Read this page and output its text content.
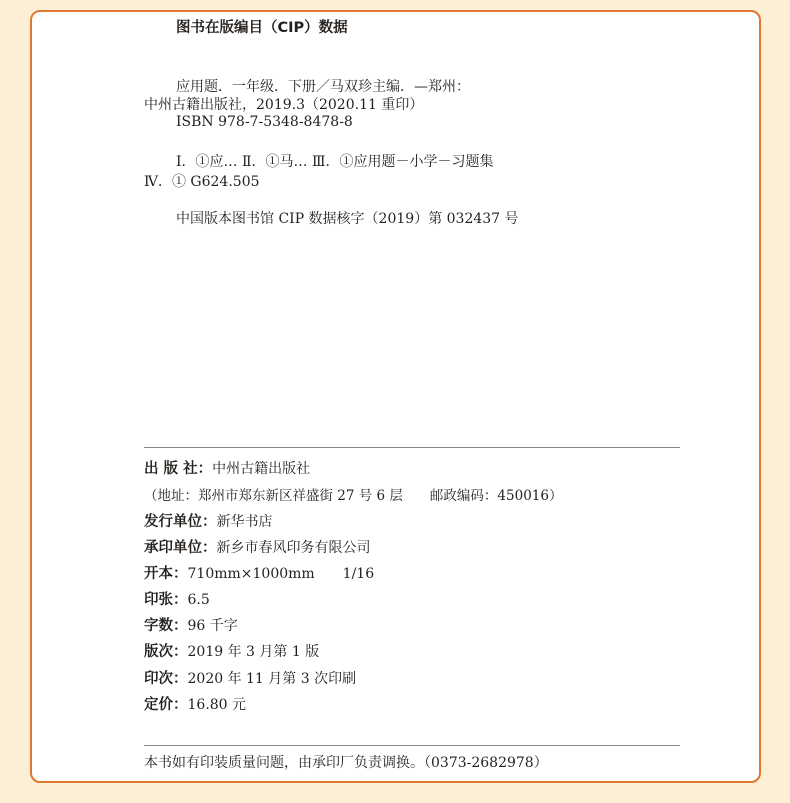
图书在版编目（CIP）数据
应用题．一年级．下册／马双珍主编．—郑州：
中州古籍出版社，2019.3（2020.11 重印）
ISBN 978-7-5348-8478-8
Ⅰ．①应… Ⅱ．①马… Ⅲ．①应用题－小学－习题集
Ⅳ．① G624.505
中国版本图书馆 CIP 数据核字（2019）第 032437 号
出 版 社：中州古籍出版社
（地址：郑州市郑东新区祥盛街 27 号 6 层　　邮政编码：450016）
发行单位：新华书店
承印单位：新乡市春风印务有限公司
开本：710mm×1000mm　　1/16
印张：6.5
字数：96 千字
版次：2019 年 3 月第 1 版
印次：2020 年 11 月第 3 次印刷
定价：16.80 元
本书如有印装质量问题，由承印厂负责调换。（0373-2682978）
